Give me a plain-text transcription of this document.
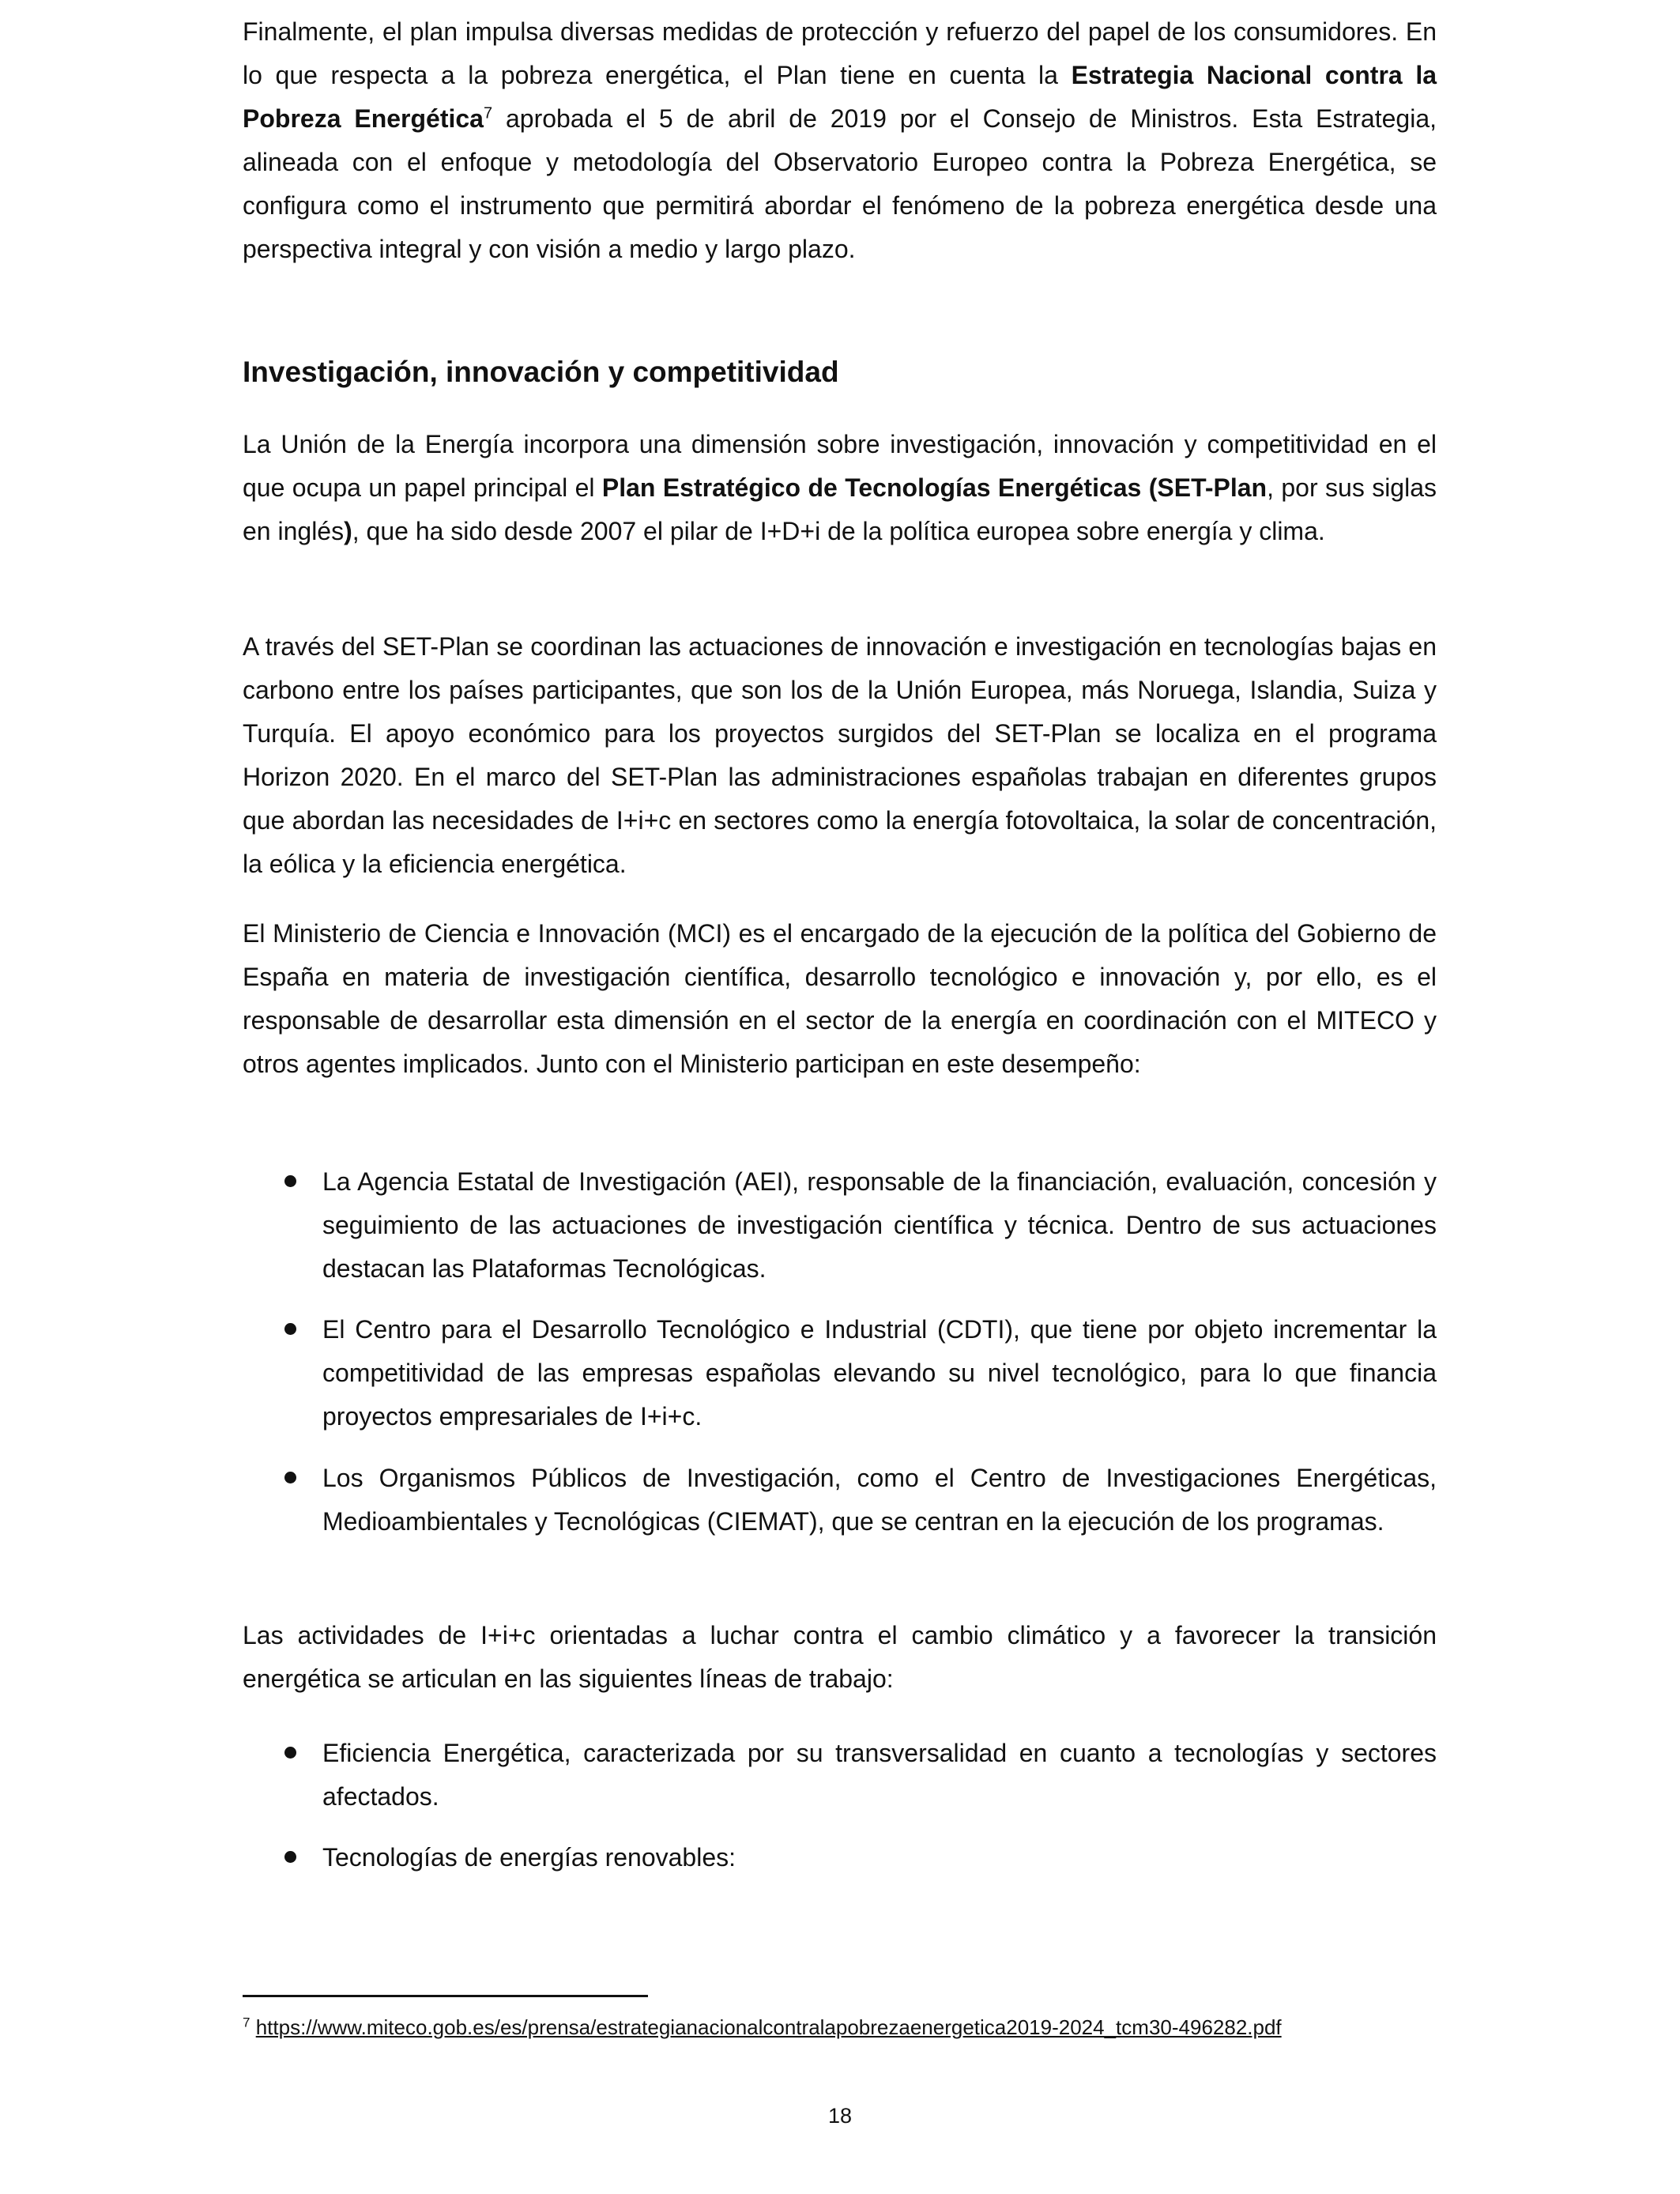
Finalmente, el plan impulsa diversas medidas de protección y refuerzo del papel de los consumidores. En lo que respecta a la pobreza energética, el Plan tiene en cuenta la Estrategia Nacional contra la Pobreza Energética$^7$ aprobada el 5 de abril de 2019 por el Consejo de Ministros. Esta Estrategia, alineada con el enfoque y metodología del Observatorio Europeo contra la Pobreza Energética, se configura como el instrumento que permitirá abordar el fenómeno de la pobreza energética desde una perspectiva integral y con visión a medio y largo plazo.
Investigación, innovación y competitividad
La Unión de la Energía incorpora una dimensión sobre investigación, innovación y competitividad en el que ocupa un papel principal el Plan Estratégico de Tecnologías Energéticas (SET-Plan, por sus siglas en inglés), que ha sido desde 2007 el pilar de I+D+i de la política europea sobre energía y clima.
A través del SET-Plan se coordinan las actuaciones de innovación e investigación en tecnologías bajas en carbono entre los países participantes, que son los de la Unión Europea, más Noruega, Islandia, Suiza y Turquía. El apoyo económico para los proyectos surgidos del SET-Plan se localiza en el programa Horizon 2020. En el marco del SET-Plan las administraciones españolas trabajan en diferentes grupos que abordan las necesidades de I+i+c en sectores como la energía fotovoltaica, la solar de concentración, la eólica y la eficiencia energética.
El Ministerio de Ciencia e Innovación (MCI) es el encargado de la ejecución de la política del Gobierno de España en materia de investigación científica, desarrollo tecnológico e innovación y, por ello, es el responsable de desarrollar esta dimensión en el sector de la energía en coordinación con el MITECO y otros agentes implicados. Junto con el Ministerio participan en este desempeño:
La Agencia Estatal de Investigación (AEI), responsable de la financiación, evaluación, concesión y seguimiento de las actuaciones de investigación científica y técnica. Dentro de sus actuaciones destacan las Plataformas Tecnológicas.
El Centro para el Desarrollo Tecnológico e Industrial (CDTI), que tiene por objeto incrementar la competitividad de las empresas españolas elevando su nivel tecnológico, para lo que financia proyectos empresariales de I+i+c.
Los Organismos Públicos de Investigación, como el Centro de Investigaciones Energéticas, Medioambientales y Tecnológicas (CIEMAT), que se centran en la ejecución de los programas.
Las actividades de I+i+c orientadas a luchar contra el cambio climático y a favorecer la transición energética se articulan en las siguientes líneas de trabajo:
Eficiencia Energética, caracterizada por su transversalidad en cuanto a tecnologías y sectores afectados.
Tecnologías de energías renovables:
$^7$ https://www.miteco.gob.es/es/prensa/estrategianacionalcontralapobrezaenergetica2019-2024_tcm30-496282.pdf
18
